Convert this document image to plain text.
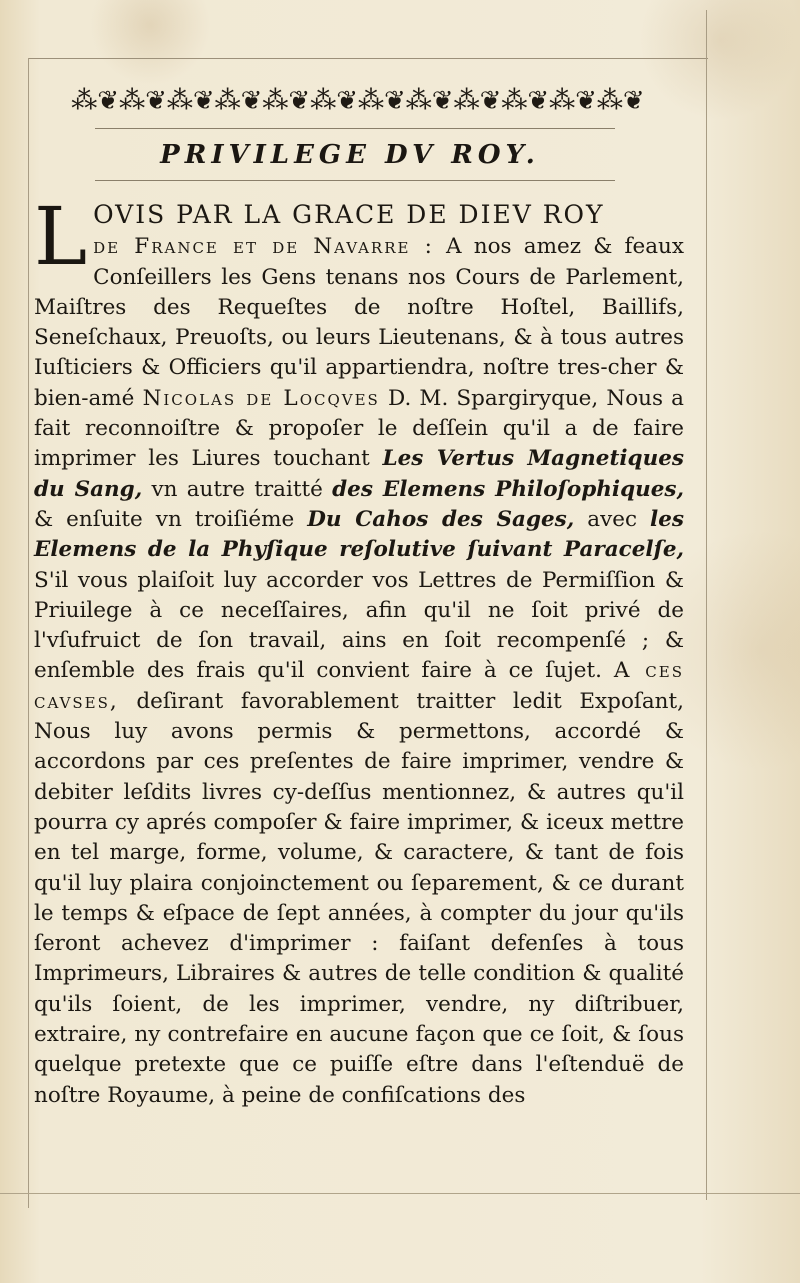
⁂❦⁂❦⁂❦⁂❦⁂❦⁂❦⁂❦⁂❦⁂❦⁂❦⁂❦⁂❦
PRIVILEGE DV ROY.
LOVIS PAR LA GRACE DE DIEV ROY
de France et de Navarre : A nos amez & feaux Conſeillers les Gens tenans nos Cours de Parlement, Maiſtres des Requeſtes de noſtre Hoſtel, Baillifs, Seneſchaux, Preuoſts, ou leurs Lieutenans, & à tous autres Iuſticiers & Officiers qu'il appartiendra, noſtre tres-cher & bien-amé Nicolas de Locqves D. M. Spargiryque, Nous a fait reconnoiſtre & propoſer le deſſein qu'il a de faire imprimer les Liures touchant Les Vertus Magnetiques du Sang, vn autre traitté des Elemens Philoſophiques, & enſuite vn troiſiéme Du Cahos des Sages, avec les Elemens de la Phyſique reſolutive ſuivant Paracelſe, S'il vous plaiſoit luy accorder vos Lettres de Permiſſion & Priuilege à ce neceſſaires, afin qu'il ne ſoit privé de l'vſufruict de ſon travail, ains en ſoit recompenſé ; & enſemble des frais qu'il convient faire à ce ſujet. A ces cavses, deſirant favorablement traitter ledit Expoſant, Nous luy avons permis & permettons, accordé & accordons par ces preſentes de faire imprimer, vendre & debiter leſdits livres cy-deſſus mentionnez, & autres qu'il pourra cy aprés compoſer & faire imprimer, & iceux mettre en tel marge, forme, volume, & caractere, & tant de fois qu'il luy plaira conjoinctement ou ſeparement, & ce durant le temps & eſpace de ſept années, à compter du jour qu'ils ſeront achevez d'imprimer : faiſant defenſes à tous Imprimeurs, Libraires & autres de telle condition & qualité qu'ils ſoient, de les imprimer, vendre, ny diſtribuer, extraire, ny contrefaire en aucune façon que ce ſoit, & ſous quelque pretexte que ce puiſſe eſtre dans l'eſtenduë de noſtre Royaume, à peine de confiſcations des
